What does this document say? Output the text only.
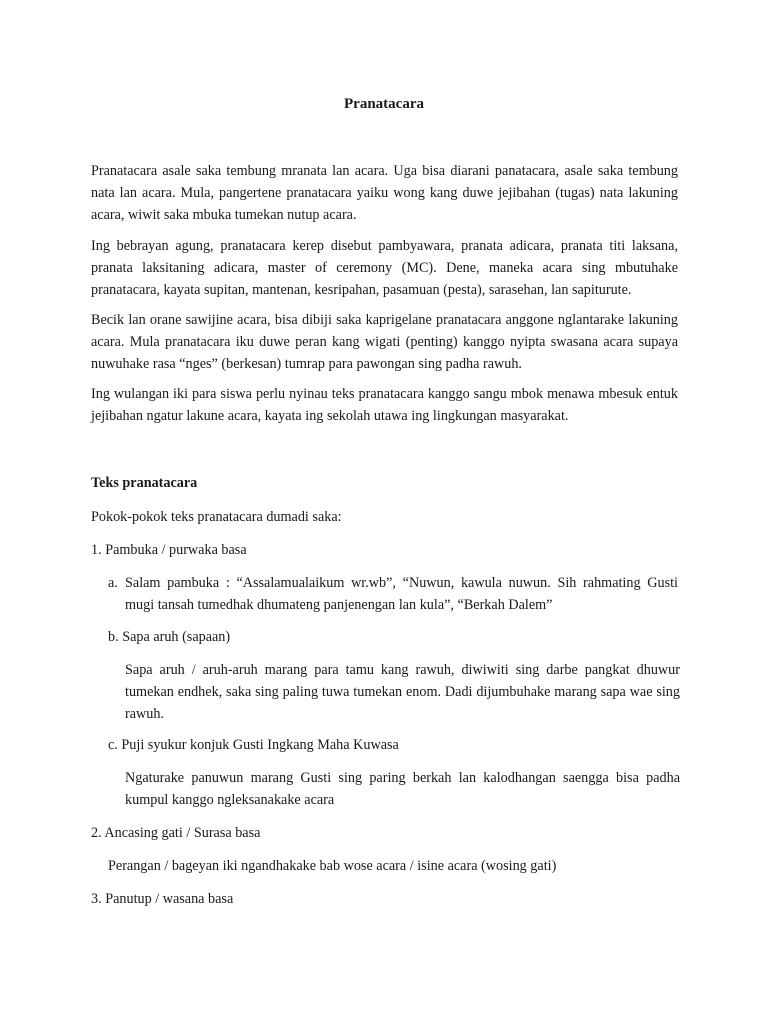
Pranatacara

Pranatacara asale saka tembung mranata lan acara. Uga bisa diarani panatacara, asale saka tembung nata lan acara. Mula, pangertene pranatacara yaiku wong kang duwe jejibahan (tugas) nata lakuning acara, wiwit saka mbuka tumekan nutup acara.

Ing bebrayan agung, pranatacara kerep disebut pambyawara, pranata adicara, pranata titi laksana, pranata laksitaning adicara, master of ceremony (MC). Dene, maneka acara sing mbutuhake pranatacara, kayata supitan, mantenan, kesripahan, pasamuan (pesta), sarasehan, lan sapiturute.

Becik lan orane sawijine acara, bisa dibiji saka kaprigelane pranatacara anggone nglantarake lakuning acara. Mula pranatacara iku duwe peran kang wigati (penting) kanggo nyipta swasana acara supaya nuwuhake rasa “nges” (berkesan) tumrap para pawongan sing padha rawuh.

Ing wulangan iki para siswa perlu nyinau teks pranatacara kanggo sangu mbok menawa mbesuk entuk jejibahan ngatur lakune acara, kayata ing sekolah utawa ing lingkungan masyarakat.

Teks pranatacara

Pokok-pokok teks pranatacara dumadi saka:

1. Pambuka / purwaka basa

a. Salam pambuka : “Assalamualaikum wr.wb”, “Nuwun, kawula nuwun. Sih rahmating Gusti mugi tansah tumedhak dhumateng panjenengan lan kula”, “Berkah Dalem”

b. Sapa aruh (sapaan)

Sapa aruh / aruh-aruh marang para tamu kang rawuh, diwiwiti sing darbe pangkat dhuwur tumekan endhek, saka sing paling tuwa tumekan enom. Dadi dijumbuhake marang sapa wae sing rawuh.

c. Puji syukur konjuk Gusti Ingkang Maha Kuwasa

Ngaturake panuwun marang Gusti sing paring berkah lan kalodhangan saengga bisa padha kumpul kanggo ngleksanakake acara

2. Ancasing gati / Surasa basa

Perangan / bageyan iki ngandhakake bab wose acara / isine acara (wosing gati)

3. Panutup / wasana basa
